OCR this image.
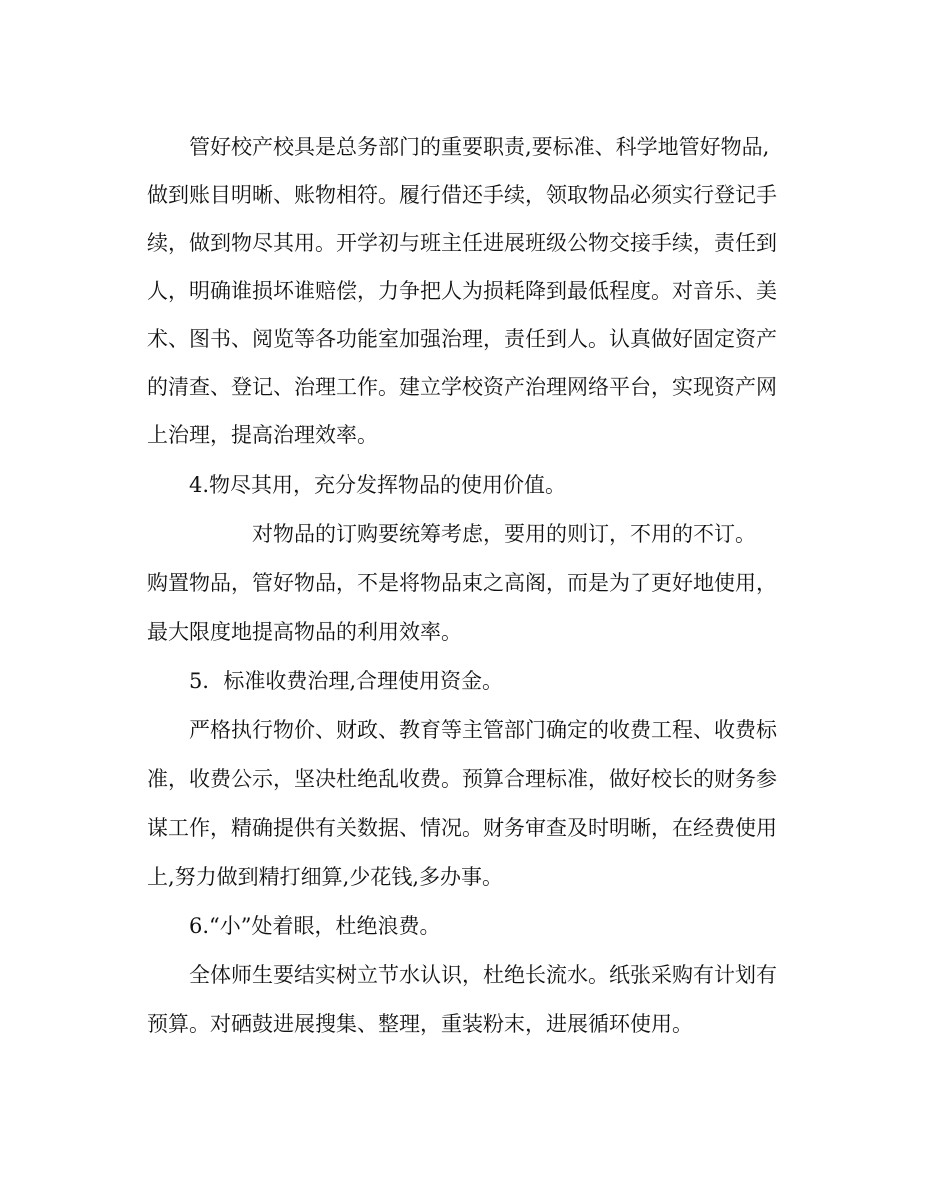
　　管好校产校具是总务部门的重要职责,要标准、科学地管好物品,
做到账目明晰、账物相符。履行借还手续，领取物品必须实行登记手
续，做到物尽其用。开学初与班主任进展班级公物交接手续，责任到
人，明确谁损坏谁赔偿，力争把人为损耗降到最低程度。对音乐、美
术、图书、阅览等各功能室加强治理，责任到人。认真做好固定资产
的清查、登记、治理工作。建立学校资产治理网络平台，实现资产网
上治理，提高治理效率。
　　4.物尽其用，充分发挥物品的使用价值。
　　　　　对物品的订购要统筹考虑，要用的则订，不用的不订。
购置物品，管好物品，不是将物品束之高阁，而是为了更好地使用，
最大限度地提高物品的利用效率。
　　5．标准收费治理,合理使用资金。
　　严格执行物价、财政、教育等主管部门确定的收费工程、收费标
准，收费公示，坚决杜绝乱收费。预算合理标准，做好校长的财务参
谋工作，精确提供有关数据、情况。财务审查及时明晰，在经费使用
上,努力做到精打细算,少花钱,多办事。
　　6.“小”处着眼，杜绝浪费。
　　全体师生要结实树立节水认识，杜绝长流水。纸张采购有计划有
预算。对硒鼓进展搜集、整理，重装粉末，进展循环使用。
